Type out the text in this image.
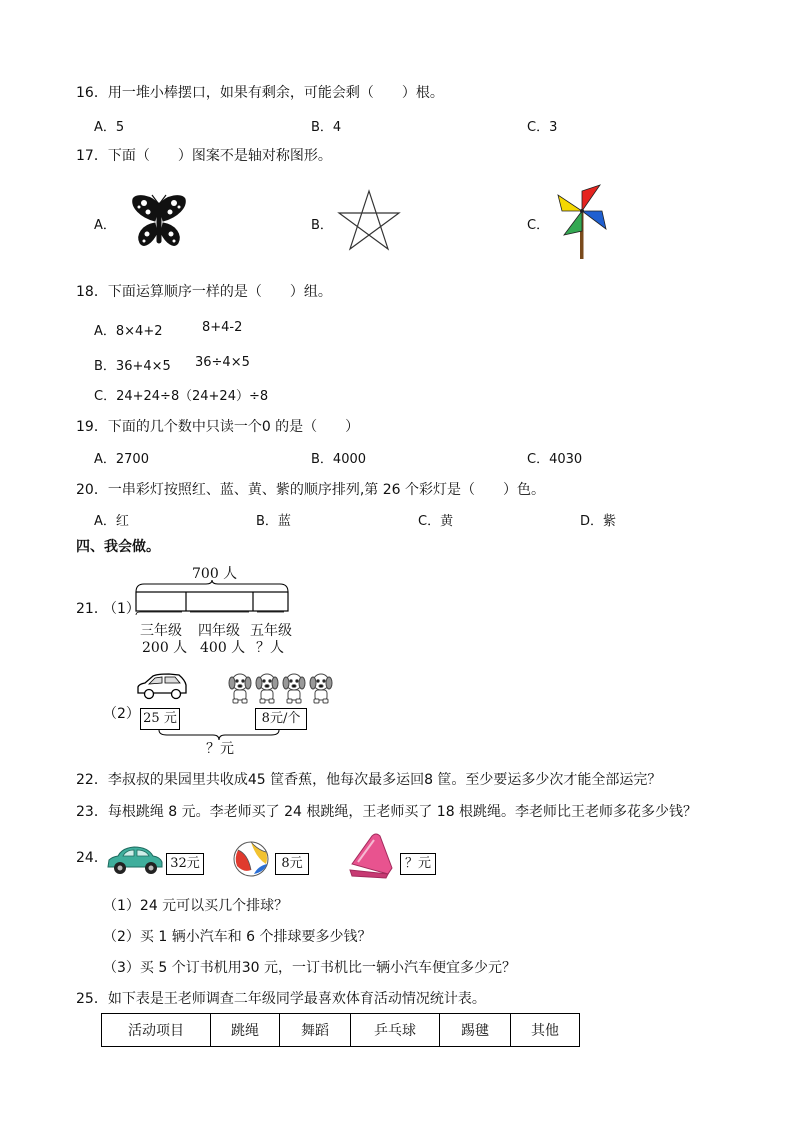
16．用一堆小棒摆口，如果有剩余，可能会剩（　　）根。
A．5	B．4	C．3
17．下面（　　）图案不是轴对称图形。
A．	B．	C．
18．下面运算顺序一样的是（　　）组。
A．8×4+2	8+4-2
B．36+4×5 36÷4×5
C．24+24÷8 （24+24）÷8
19．下面的几个数中只读一个0 的是（　　）
A．2700	B．4000	C．4030
20．一串彩灯按照红、蓝、黄、紫的顺序排列,第 26 个彩灯是（　　）色。
A．红	B．蓝	C．黄	D．紫
四、我会做。
21．
（1）
700 人
三年级 四年级 五年级
200 人 400 人 ？人
（2） 25 元	8元/个
？元
22．李叔叔的果园里共收成45 筐香蕉，他每次最多运回8 筐。至少要运多少次才能全部运完？
23．每根跳绳 8 元。李老师买了 24 根跳绳，王老师买了 18 根跳绳。李老师比王老师多花多少钱？
24．	32元	8元	？元
（1）24 元可以买几个排球？
（2）买 1 辆小汽车和 6 个排球要多少钱？
（3）买 5 个订书机用30 元，一订书机比一辆小汽车便宜多少元？
25．如下表是王老师调查二年级同学最喜欢体育活动情况统计表。
活动项目	跳绳	舞蹈	乒乓球	踢毽	其他
